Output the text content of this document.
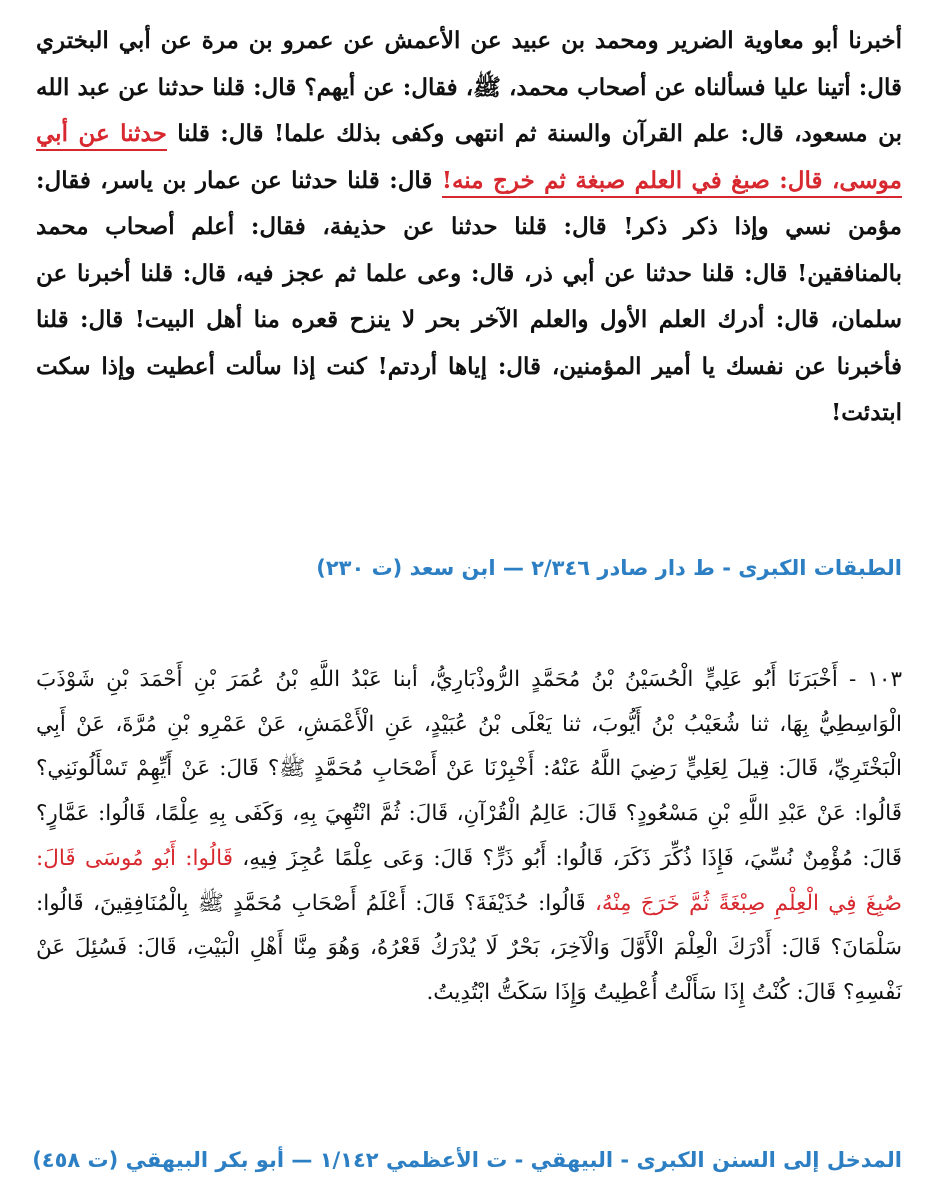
أخبرنا أبو معاوية الضرير ومحمد بن عبيد عن الأعمش عن عمرو بن مرة عن أبي البختري قال: أتينا عليا فسألناه عن أصحاب محمد، ﷺ، فقال: عن أيهم؟ قال: قلنا حدثنا عن عبد الله بن مسعود، قال: علم القرآن والسنة ثم انتهى وكفى بذلك علما! قال: قلنا حدثنا عن أبي موسى، قال: صبغ في العلم صبغة ثم خرج منه! قال: قلنا حدثنا عن عمار بن ياسر، فقال: مؤمن نسي وإذا ذكر ذكر! قال: قلنا حدثنا عن حذيفة، فقال: أعلم أصحاب محمد بالمنافقين! قال: قلنا حدثنا عن أبي ذر، قال: وعى علما ثم عجز فيه، قال: قلنا أخبرنا عن سلمان، قال: أدرك العلم الأول والعلم الآخر بحر لا ينزح قعره منا أهل البيت! قال: قلنا فأخبرنا عن نفسك يا أمير المؤمنين، قال: إياها أردتم! كنت إذا سألت أعطيت وإذا سكت ابتدئت!
الطبقات الكبرى - ط دار صادر ٢/٣٤٦ — ابن سعد (ت ٢٣٠)
١٠٣ - أَخْبَرَنَا أَبُو عَلِيٍّ الْحُسَيْنُ بْنُ مُحَمَّدٍ الرُّوذْبَارِيُّ، أبنا عَبْدُ اللَّهِ بْنُ عُمَرَ بْنِ أَحْمَدَ بْنِ شَوْذَبَ الْوَاسِطِيُّ بِهَا، ثنا شُعَيْبُ بْنُ أَيُّوبَ، ثنا يَعْلَى بْنُ عُبَيْدٍ، عَنِ الْأَعْمَشِ، عَنْ عَمْرِو بْنِ مُرَّةَ، عَنْ أَبِي الْبَخْتَرِيِّ، قَالَ: قِيلَ لِعَلِيٍّ رَضِيَ اللَّهُ عَنْهُ: أَخْبِرْنَا عَنْ أَصْحَابِ مُحَمَّدٍ ﷺ؟ قَالَ: عَنْ أَيِّهِمْ تَسْأَلُونَنِي؟ قَالُوا: عَنْ عَبْدِ اللَّهِ بْنِ مَسْعُودٍ؟ قَالَ: عَالِمُ الْقُرْآنِ، قَالَ: ثُمَّ انْتُهِيَ بِهِ، وَكَفَى بِهِ عِلْمًا، قَالُوا: عَمَّارٍ؟ قَالَ: مُؤْمِنٌ نُسِّيَ، فَإِذَا ذُكِّرَ ذَكَرَ، قَالُوا: أَبُو ذَرٍّ؟ قَالَ: وَعَى عِلْمًا عُجِزَ فِيهِ، قَالُوا: أَبُو مُوسَى قَالَ: صُبِغَ فِي الْعِلْمِ صِبْغَةً ثُمَّ خَرَجَ مِنْهُ، قَالُوا: حُذَيْفَةَ؟ قَالَ: أَعْلَمُ أَصْحَابِ مُحَمَّدٍ ﷺ بِالْمُنَافِقِينَ، قَالُوا: سَلْمَانَ؟ قَالَ: أَدْرَكَ الْعِلْمَ الْأَوَّلَ وَالْآخِرَ، بَحْرٌ لَا يُدْرَكُ قَعْرُهُ، وَهُوَ مِنَّا أَهْلِ الْبَيْتِ، قَالَ: فَسُئِلَ عَنْ نَفْسِهِ؟ قَالَ: كُنْتُ إِذَا سَأَلْتُ أُعْطِيتُ وَإِذَا سَكَتُّ ابْتُدِيتُ.
المدخل إلى السنن الكبرى - البيهقي - ت الأعظمي ١/١٤٢ — أبو بكر البيهقي (ت ٤٥٨)
